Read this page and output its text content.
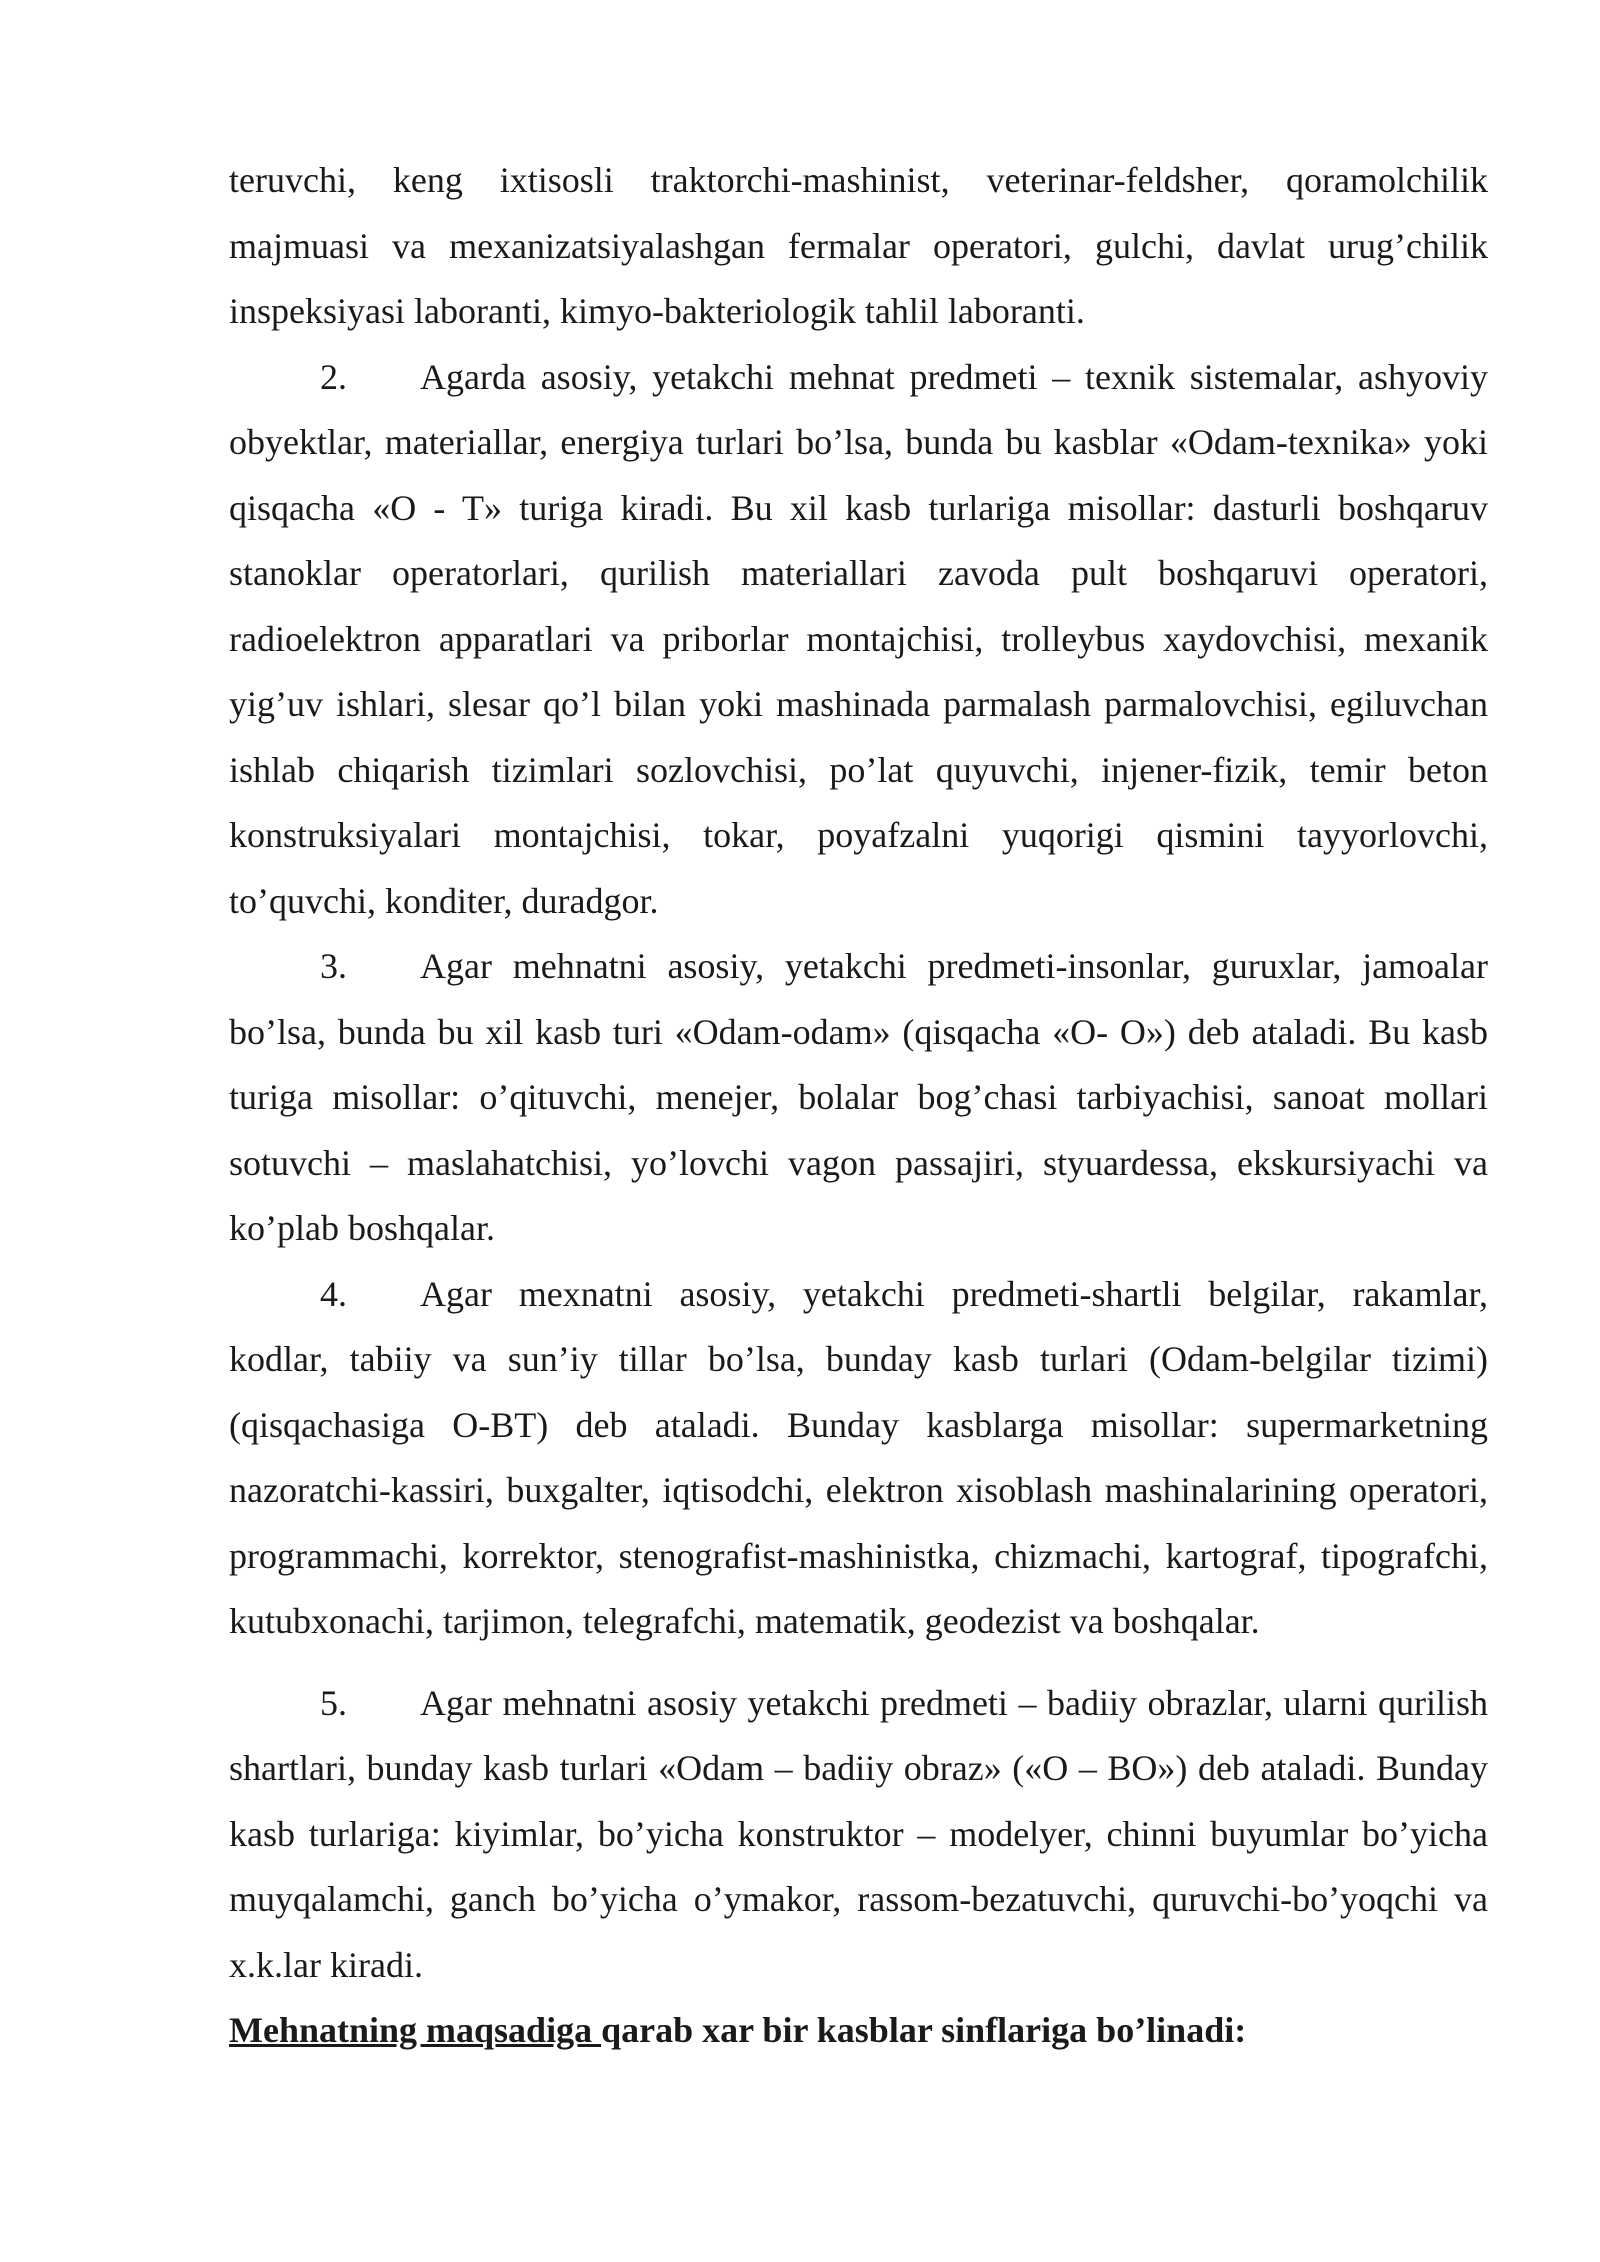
teruvchi, keng ixtisosli traktorchi-mashinist, veterinar-feldsher, qoramolchilik majmuasi va mexanizatsiyalashgan fermalar operatori, gulchi, davlat urug’chilik inspeksiyasi laboranti, kimyo-bakteriologik tahlil laboranti.

2. Agarda asosiy, yetakchi mehnat predmeti – texnik sistemalar, ashyoviy obyektlar, materiallar, energiya turlari bo’lsa, bunda bu kasblar «Odam-texnika» yoki qisqacha «O - T» turiga kiradi. Bu xil kasb turlariga misollar: dasturli boshqaruv stanoklar operatorlari, qurilish materiallari zavoda pult boshqaruvi operatori, radioelektron apparatlari va priborlar montajchisi, trolleybus xaydovchisi, mexanik yig’uv ishlari, slesar qo’l bilan yoki mashinada parmalash parmalovchisi, egiluvchan ishlab chiqarish tizimlari sozlovchisi, po’lat quyuvchi, injener-fizik, temir beton konstruksiyalari montajchisi, tokar, poyafzalni yuqorigi qismini tayyorlovchi, to’quvchi, konditer, duradgor.

3. Agar mehnatni asosiy, yetakchi predmeti-insonlar, guruxlar, jamoalar bo’lsa, bunda bu xil kasb turi «Odam-odam» (qisqacha «O- O») deb ataladi. Bu kasb turiga misollar: o’qituvchi, menejer, bolalar bog’chasi tarbiyachisi, sanoat mollari sotuvchi – maslahatchisi, yo’lovchi vagon passajiri, styuardessa, ekskursiyachi va ko’plab boshqalar.

4. Agar mexnatni asosiy, yetakchi predmeti-shartli belgilar, rakamlar, kodlar, tabiiy va sun’iy tillar bo’lsa, bunday kasb turlari (Odam-belgilar tizimi) (qisqachasiga O-BT) deb ataladi. Bunday kasblarga misollar: supermarketning nazoratchi-kassiri, buxgalter, iqtisodchi, elektron xisoblash mashinalarining operatori, programmachi, korrektor, stenografist-mashinistka, chizmachi, kartograf, tipografchi, kutubxonachi, tarjimon, telegrafchi, matematik, geodezist va boshqalar.

5. Agar mehnatni asosiy yetakchi predmeti – badiiy obrazlar, ularni qurilish shartlari, bunday kasb turlari «Odam – badiiy obraz» («O – BO») deb ataladi. Bunday kasb turlariga: kiyimlar, bo’yicha konstruktor – modelyer, chinni buyumlar bo’yicha muyqalamchi, ganch bo’yicha o’ymakor, rassom-bezatuvchi, quruvchi-bo’yoqchi va x.k.lar kiradi.

Mehnatning maqsadiga qarab xar bir kasblar sinflariga bo’linadi:
